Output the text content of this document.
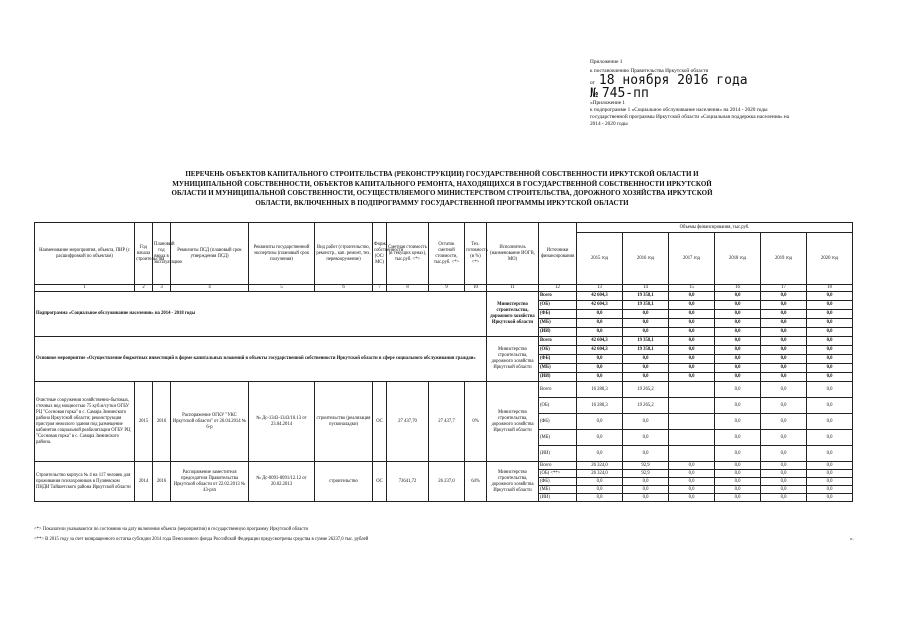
Приложение 1
к постановлению Правительства Иркутской области
от 18 ноября 2016 года
№ 745-пп
«Приложение 1
к подпрограмме 1 «Социальное обслуживание населения» на 2014 - 2020 годы государственной программы Иркутской области «Социальная поддержка населения» на 2014 - 2020 годы
ПЕРЕЧЕНЬ ОБЪЕКТОВ КАПИТАЛЬНОГО СТРОИТЕЛЬСТВА (РЕКОНСТРУКЦИИ) ГОСУДАРСТВЕННОЙ СОБСТВЕННОСТИ ИРКУТСКОЙ ОБЛАСТИ И МУНИЦИПАЛЬНОЙ СОБСТВЕННОСТИ, ОБЪЕКТОВ КАПИТАЛЬНОГО РЕМОНТА, НАХОДЯЩИХСЯ В ГОСУДАРСТВЕННОЙ СОБСТВЕННОСТИ ИРКУТСКОЙ ОБЛАСТИ И МУНИЦИПАЛЬНОЙ СОБСТВЕННОСТИ, ОСУЩЕСТВЛЯЕМОГО МИНИСТЕРСТВОМ СТРОИТЕЛЬСТВА, ДОРОЖНОГО ХОЗЯЙСТВА ИРКУТСКОЙ ОБЛАСТИ, ВКЛЮЧЕННЫХ В ПОДПРОГРАММУ ГОСУДАРСТВЕННОЙ ПРОГРАММЫ ИРКУТСКОЙ ОБЛАСТИ
Наименование мероприятия, объекта, ПИР (с расшифровкой по объектам)	Год начала строительства	Плановый год ввода в эксплуатацию	Реквизиты ПСД (плановый срок утверждения ПСД)	Реквизиты государственной экспертизы (плановый срок получения)	Вид работ (строительство, реконстр., кап. ремонт, тех. перевооружение)	Форма собственности (ОС/ МС)	Сметная стоимость (в текущих ценах), тыс.руб. <*>	Остаток сметной стоимости, тыс.руб. <*>	Тех. готовность (в %) <*>	Исполнитель (наименование ИОГВ, МО)	Источники финансирования	Объемы финансирования, тыс.руб.					
												2015 год	2016 год	2017 год	2018 год	2019 год	2020 год
1	2	3	4	5	6	7	8	9	10	11	12	13	14	15	16	17	18
Подпрограмма «Социальное обслуживание населения» на 2014 - 2018 годы										Министерство строительства, дорожного хозяйства Иркутской области	Всего	42 604,3	19 358,1	0,0	0,0	0,0	0,0
											(ОБ)	42 604,3	19 358,1	0,0	0,0	0,0	0,0
											(ФБ)	0,0	0,0	0,0	0,0	0,0	0,0
											(МБ)	0,0	0,0	0,0	0,0	0,0	0,0
											(ИИ)	0,0	0,0	0,0	0,0	0,0	0,0
Основное мероприятие «Осуществление бюджетных инвестиций в форме капитальных вложений в объекты государственной собственности Иркутской области в сфере социального обслуживания граждан»										Министерство строительства, дорожного хозяйства Иркутской области	Всего	42 604,3	19 358,1	0,0	0,0	0,0	0,0
											(ОБ)	42 604,3	19 358,1	0,0	0,0	0,0	0,0
											(ФБ)	0,0	0,0	0,0	0,0	0,0	0,0
											(МБ)	0,0	0,0	0,0	0,0	0,0	0,0
											(ИИ)	0,0	0,0	0,0	0,0	0,0	0,0
Очистные сооружения хозяйственно-бытовых, сточных вод мощностью 75 куб.м/сутки ОГБУ РЦ "Сосновая горка" в с. Самара Зиминского района Иркутской области; реконструкция пристроя нежилого здания под размещение кабинетов социальной реабилитации ОГБУ РЦ "Сосновая горка" в с. Самара Зиминского района.	2015	2016	Распоряжение ОГКУ "УКС Иркутской области" от 26.04.2014 № 6-р	№ Дс-1343-1343/10.13 от 23.04.2014	строительство (реализация пусконаладки)	ОС	27 437,70	27 437,7	0%	Министерство строительства, дорожного хозяйства Иркутской области	Всего	16 280,3	19 265,2		0,0	0,0	0,0
											(ОБ)	16 280,3	19 265,2		0,0	0,0	0,0
											(ФБ)	0,0	0,0		0,0	0,0	0,0
											(МБ)	0,0	0,0		0,0	0,0	0,0
											(ИИ)	0,0	0,0		0,0	0,0	0,0
Строительство корпуса № 4 на 117 человек для проживания психохроников в Пуляевском ПНДИ Тайшетского района Иркутской области	2014	2016	Распоряжение заместителя председателя Правительства Иркутской области от 22.02.2013 № 43-рзп	№ Дс-0091-0091/12.12 от 20.02.2013	строительство	ОС	73641,72	26 237,0	64%	Министерство строительства, дорожного хозяйства Иркутской области	Всего	26 324,0	92,9	0,0	0,0	0,0	0,0
											(ОБ) <**>	26 324,0	92,9	0,0	0,0	0,0	0,0
											(ФБ)	0,0	0,0	0,0	0,0	0,0	0,0
											(МБ)	0,0	0,0	0,0	0,0	0,0	0,0
											(ИИ)	0,0	0,0	0,0	0,0	0,0	0,0
<*> Показатели указываются по состоянию на дату включения объекта (мероприятия) в государственную программу Иркутской области
<**> В 2015 году за счет возвращенного остатка субсидии 2014 года Пенсионного фонда Российской Федерации предусмотрены средства в сумме 26237,0 тыс. рублей	».
